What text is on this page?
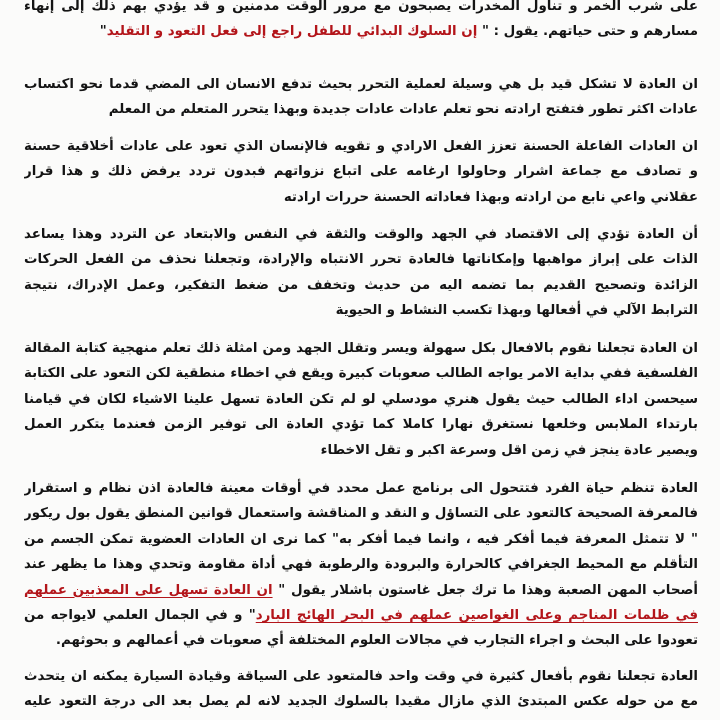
على شرب الخمر و تناول المخدرات يصبحون مع مرور الوقت مدمنين و قد يؤدي بهم ذلك إلى إنهاء
مسارهم و حتى حياتهم. يقول : " إن السلوك البدائي للطفل راجع إلى فعل التعود و التقليد"
ان العادة لا تشكل قيد بل هي وسيلة لعملية التحرر بحيث تدفع الانسان الى المضي قدما نحو اكتساب
عادات اكثر تطور فتفتح ارادته نحو تعلم عادات عادات جديدة وبهذا يتحرر المتعلم من المعلم
ان العادات الفاعلة الحسنة تعزز الفعل الارادي و تقويه فالإنسان الذي تعود على عادات أخلاقية حسنة
و تصادف مع جماعة اشرار وحاولوا ارغامه على اتباع نزواتهم فبدون تردد يرفض ذلك و هذا قرار
عقلاني واعي نابع من ارادته وبهذا فعاداته الحسنة حررات ارادته
أن العادة تؤدي إلى الاقتصاد في الجهد والوقت والثقة في النفس والابتعاد عن التردد وهذا يساعد
الذات على إبراز مواهبها وإمكاناتها فالعادة تحرر الانتباه والإرادة، وتجعلنا نحذف من الفعل الحركات
الزائدة وتصحيح القديم بما تضمه اليه من حديث وتخفف من ضغط التفكير، وعمل الإدراك، نتيجة
الترابط الآلي في أفعالها وبهذا تكسب النشاط و الحيوية
ان العادة تجعلنا نقوم بالافعال بكل سهولة ويسر وتقلل الجهد ومن امثلة ذلك تعلم منهجية كتابة المقالة
الفلسفية ففي بداية الامر يواجه الطالب صعوبات كبيرة ويقع في اخطاء منطقية لكن التعود على الكتابة
سيحسن اداء الطالب حيث يقول هنري مودسلي لو لم تكن العادة تسهل علينا الاشياء لكان في قيامنا
بارتداء الملابس وخلعها نستغرق نهارا كاملا كما تؤدي العادة الى توفير الزمن فعندما يتكرر العمل
ويصير عادة ينجز في زمن اقل وسرعة اكبر و تقل الاخطاء
العادة تنظم حياة الفرد فتتحول الى برنامج عمل محدد في أوقات معينة فالعادة اذن نظام و استقرار
فالمعرفة الصحيحة كالتعود على التساؤل و النقد و المناقشة واستعمال قوانين المنطق يقول بول ريكور
" لا تتمثل المعرفة فيما أفكر فيه ، وانما فيما أفكر به" كما نرى ان العادات العضوية تمكن الجسم من
التأقلم مع المحيط الجغرافي كالحرارة والبرودة والرطوبة فهي أداة مقاومة وتحدي وهذا ما يظهر عند
أصحاب المهن الصعبة وهذا ما ترك جعل غاستون باشلار يقول " ان العادة تسهل على المعذبين عملهم
في ظلمات المناجم وعلى الغواصين عملهم في البحر الهائج البارد" و في الجمال العلمي لايواجه من
تعودوا على البحث و اجراء التجارب في مجالات العلوم المختلفة أي صعوبات في أعمالهم و بحوثهم.
العادة تجعلنا نقوم بأفعال كثيرة في وقت واحد فالمتعود على السياقة وقيادة السيارة يمكنه ان يتحدث
مع من حوله عكس المبتدئ الذي مازال مقيدا بالسلوك الجديد لانه لم يصل بعد الى درجة التعود عليه
